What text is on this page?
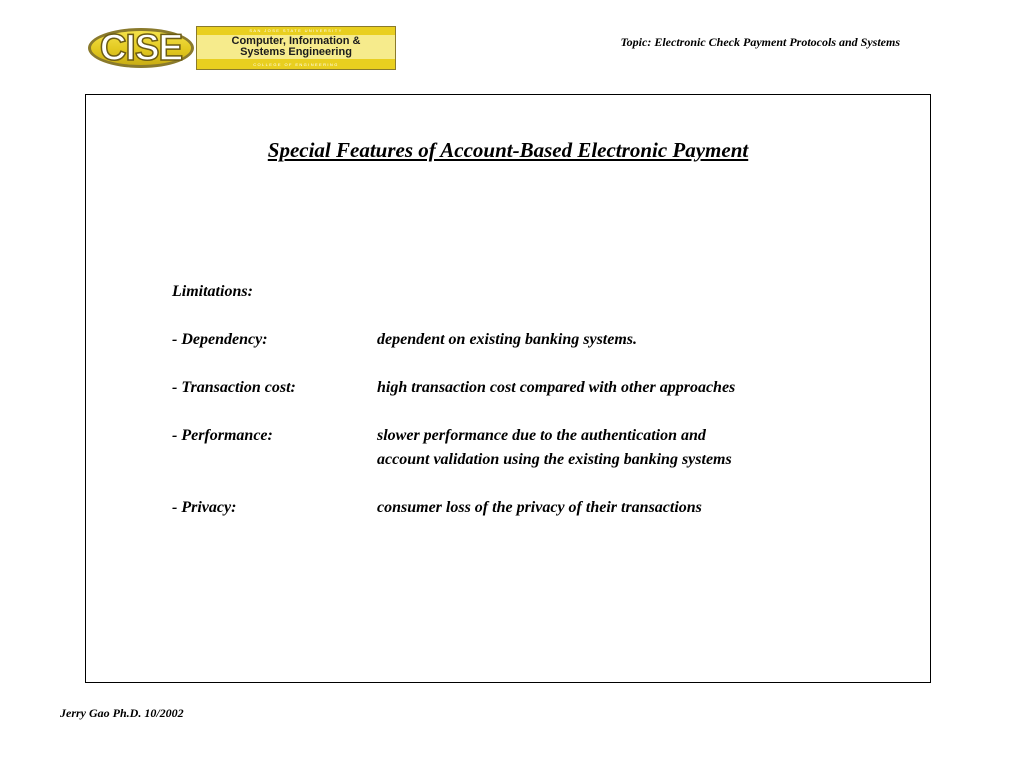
CISE	SAN JOSE STATE UNIVERSITY
Computer, Information &
Systems Engineering
COLLEGE OF ENGINEERING
Topic: Electronic Check Payment Protocols and Systems
Special Features of Account-Based Electronic Payment
Limitations:
- Dependency:	dependent on existing banking systems.
- Transaction cost:	high transaction cost compared with other approaches
- Performance:	slower performance due to the authentication and
account validation using the existing banking systems
- Privacy:	consumer loss of the privacy of their transactions
Jerry Gao Ph.D. 10/2002
